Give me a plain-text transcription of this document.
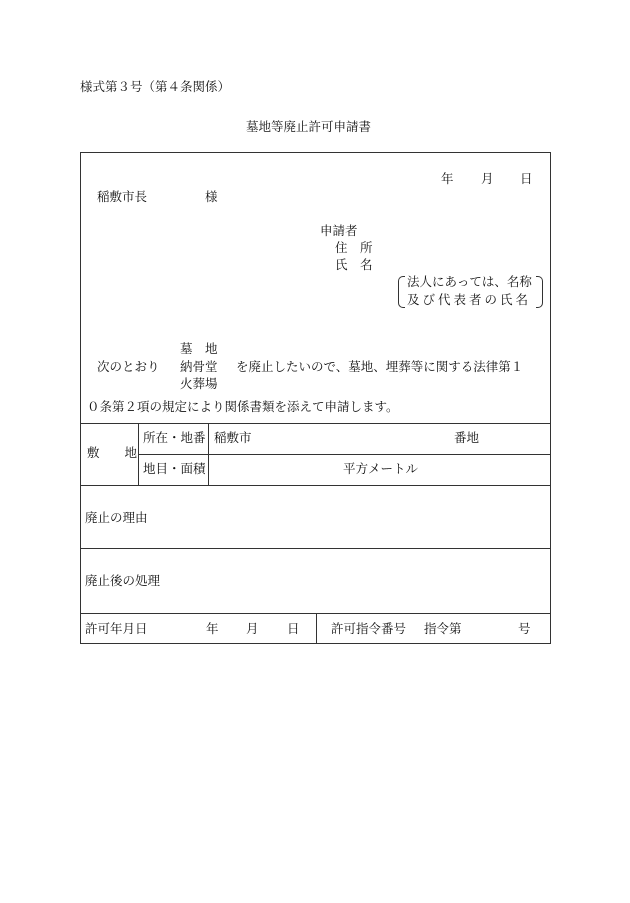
様式第３号（第４条関係）
墓地等廃止許可申請書
年 月 日
稲敷市長	様
申請者
住　所
氏　名
法人にあっては、名称
及び代表者の氏名
墓　地
次のとおり 納骨堂 を廃止したいので、墓地、埋葬等に関する法律第１
火葬場
０条第２項の規定により関係書類を添えて申請します。
敷　　地
所在・地番 稲敷市	番地
地目・面積	平方メートル
廃止の理由
廃止後の処理
許可年月日	年 月 日	許可指令番号 指令第	号
